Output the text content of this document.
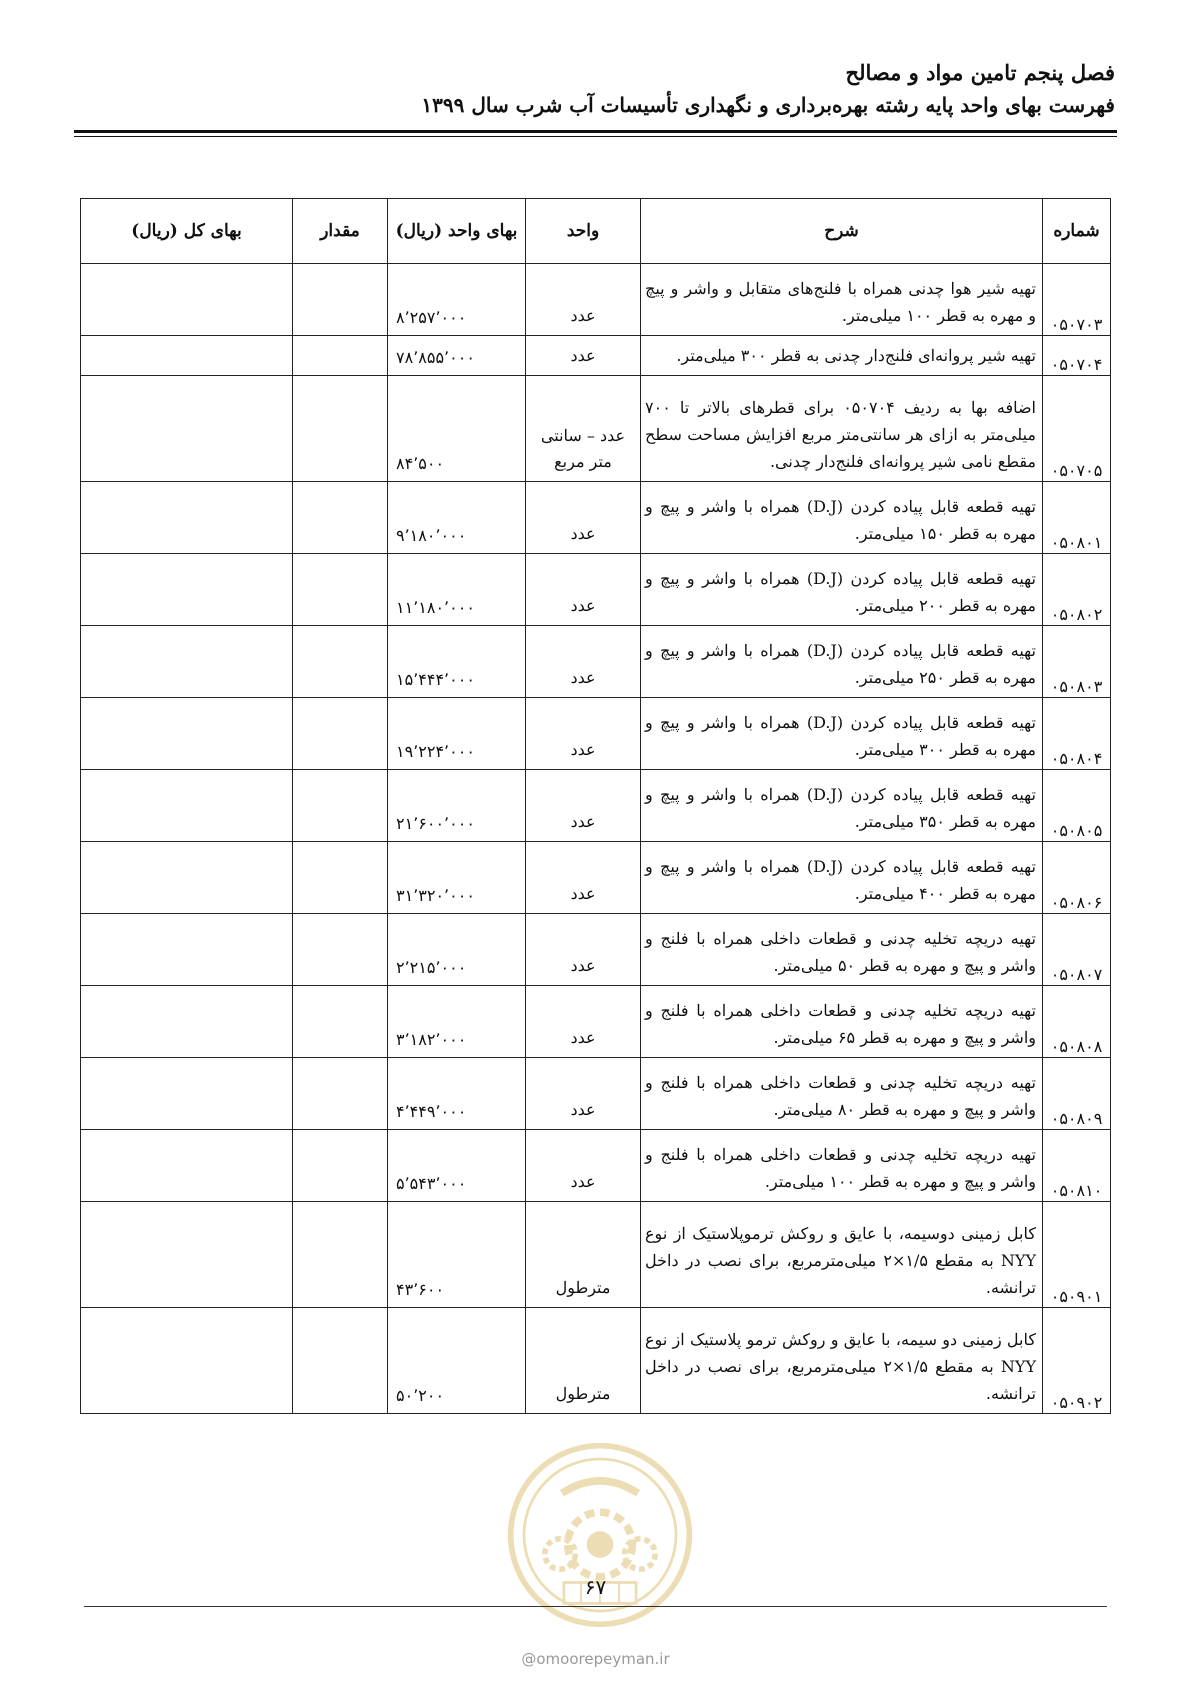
فصل پنجم تامین مواد و مصالح
فهرست بهای واحد پایه رشته بهره‌برداری و نگهداری تأسیسات آب شرب سال ۱۳۹۹
شماره	شرح	واحد	بهای واحد (ریال)	مقدار	بهای کل (ریال)
۰۵۰۷۰۳	تهیه شیر هوا چدنی همراه با فلنج‌های متقابل و واشر و پیچ و مهره به قطر ۱۰۰ میلی‌متر.	عدد	۸٬۲۵۷٬۰۰۰		
۰۵۰۷۰۴	تهیه شیر پروانه‌ای فلنج‌دار چدنی به قطر ۳۰۰ میلی‌متر.	عدد	۷۸٬۸۵۵٬۰۰۰		
۰۵۰۷۰۵	اضافه بها به ردیف ۰۵۰۷۰۴ برای قطرهای بالاتر تا ۷۰۰ میلی‌متر به ازای هر سانتی‌متر مربع افزایش مساحت سطح مقطع نامی شیر پروانه‌ای فلنج‌دار چدنی.	عدد – سانتی متر مربع	۸۴٬۵۰۰		
۰۵۰۸۰۱	تهیه قطعه قابل پیاده کردن (D.J) همراه با واشر و پیچ و مهره به قطر ۱۵۰ میلی‌متر.	عدد	۹٬۱۸۰٬۰۰۰		
۰۵۰۸۰۲	تهیه قطعه قابل پیاده کردن (D.J) همراه با واشر و پیچ و مهره به قطر ۲۰۰ میلی‌متر.	عدد	۱۱٬۱۸۰٬۰۰۰		
۰۵۰۸۰۳	تهیه قطعه قابل پیاده کردن (D.J) همراه با واشر و پیچ و مهره به قطر ۲۵۰ میلی‌متر.	عدد	۱۵٬۴۴۴٬۰۰۰		
۰۵۰۸۰۴	تهیه قطعه قابل پیاده کردن (D.J) همراه با واشر و پیچ و مهره به قطر ۳۰۰ میلی‌متر.	عدد	۱۹٬۲۲۴٬۰۰۰		
۰۵۰۸۰۵	تهیه قطعه قابل پیاده کردن (D.J) همراه با واشر و پیچ و مهره به قطر ۳۵۰ میلی‌متر.	عدد	۲۱٬۶۰۰٬۰۰۰		
۰۵۰۸۰۶	تهیه قطعه قابل پیاده کردن (D.J) همراه با واشر و پیچ و مهره به قطر ۴۰۰ میلی‌متر.	عدد	۳۱٬۳۲۰٬۰۰۰		
۰۵۰۸۰۷	تهیه دریچه تخلیه چدنی و قطعات داخلی همراه با فلنج و واشر و پیچ و مهره به قطر ۵۰ میلی‌متر.	عدد	۲٬۲۱۵٬۰۰۰		
۰۵۰۸۰۸	تهیه دریچه تخلیه چدنی و قطعات داخلی همراه با فلنج و واشر و پیچ و مهره به قطر ۶۵ میلی‌متر.	عدد	۳٬۱۸۲٬۰۰۰		
۰۵۰۸۰۹	تهیه دریچه تخلیه چدنی و قطعات داخلی همراه با فلنج و واشر و پیچ و مهره به قطر ۸۰ میلی‌متر.	عدد	۴٬۴۴۹٬۰۰۰		
۰۵۰۸۱۰	تهیه دریچه تخلیه چدنی و قطعات داخلی همراه با فلنج و واشر و پیچ و مهره به قطر ۱۰۰ میلی‌متر.	عدد	۵٬۵۴۳٬۰۰۰		
۰۵۰۹۰۱	کابل زمینی دوسیمه، با عایق و روکش ترموپلاستیک از نوع NYY به مقطع ۱/۵×۲ میلی‌مترمربع، برای نصب در داخل ترانشه.	مترطول	۴۳٬۶۰۰		
۰۵۰۹۰۲	کابل زمینی دو سیمه، با عایق و روکش ترمو پلاستیک از نوع NYY به مقطع ۱/۵×۲ میلی‌مترمربع، برای نصب در داخل ترانشه.	مترطول	۵۰٬۲۰۰		
۶۷
@omoorepeyman.ir
